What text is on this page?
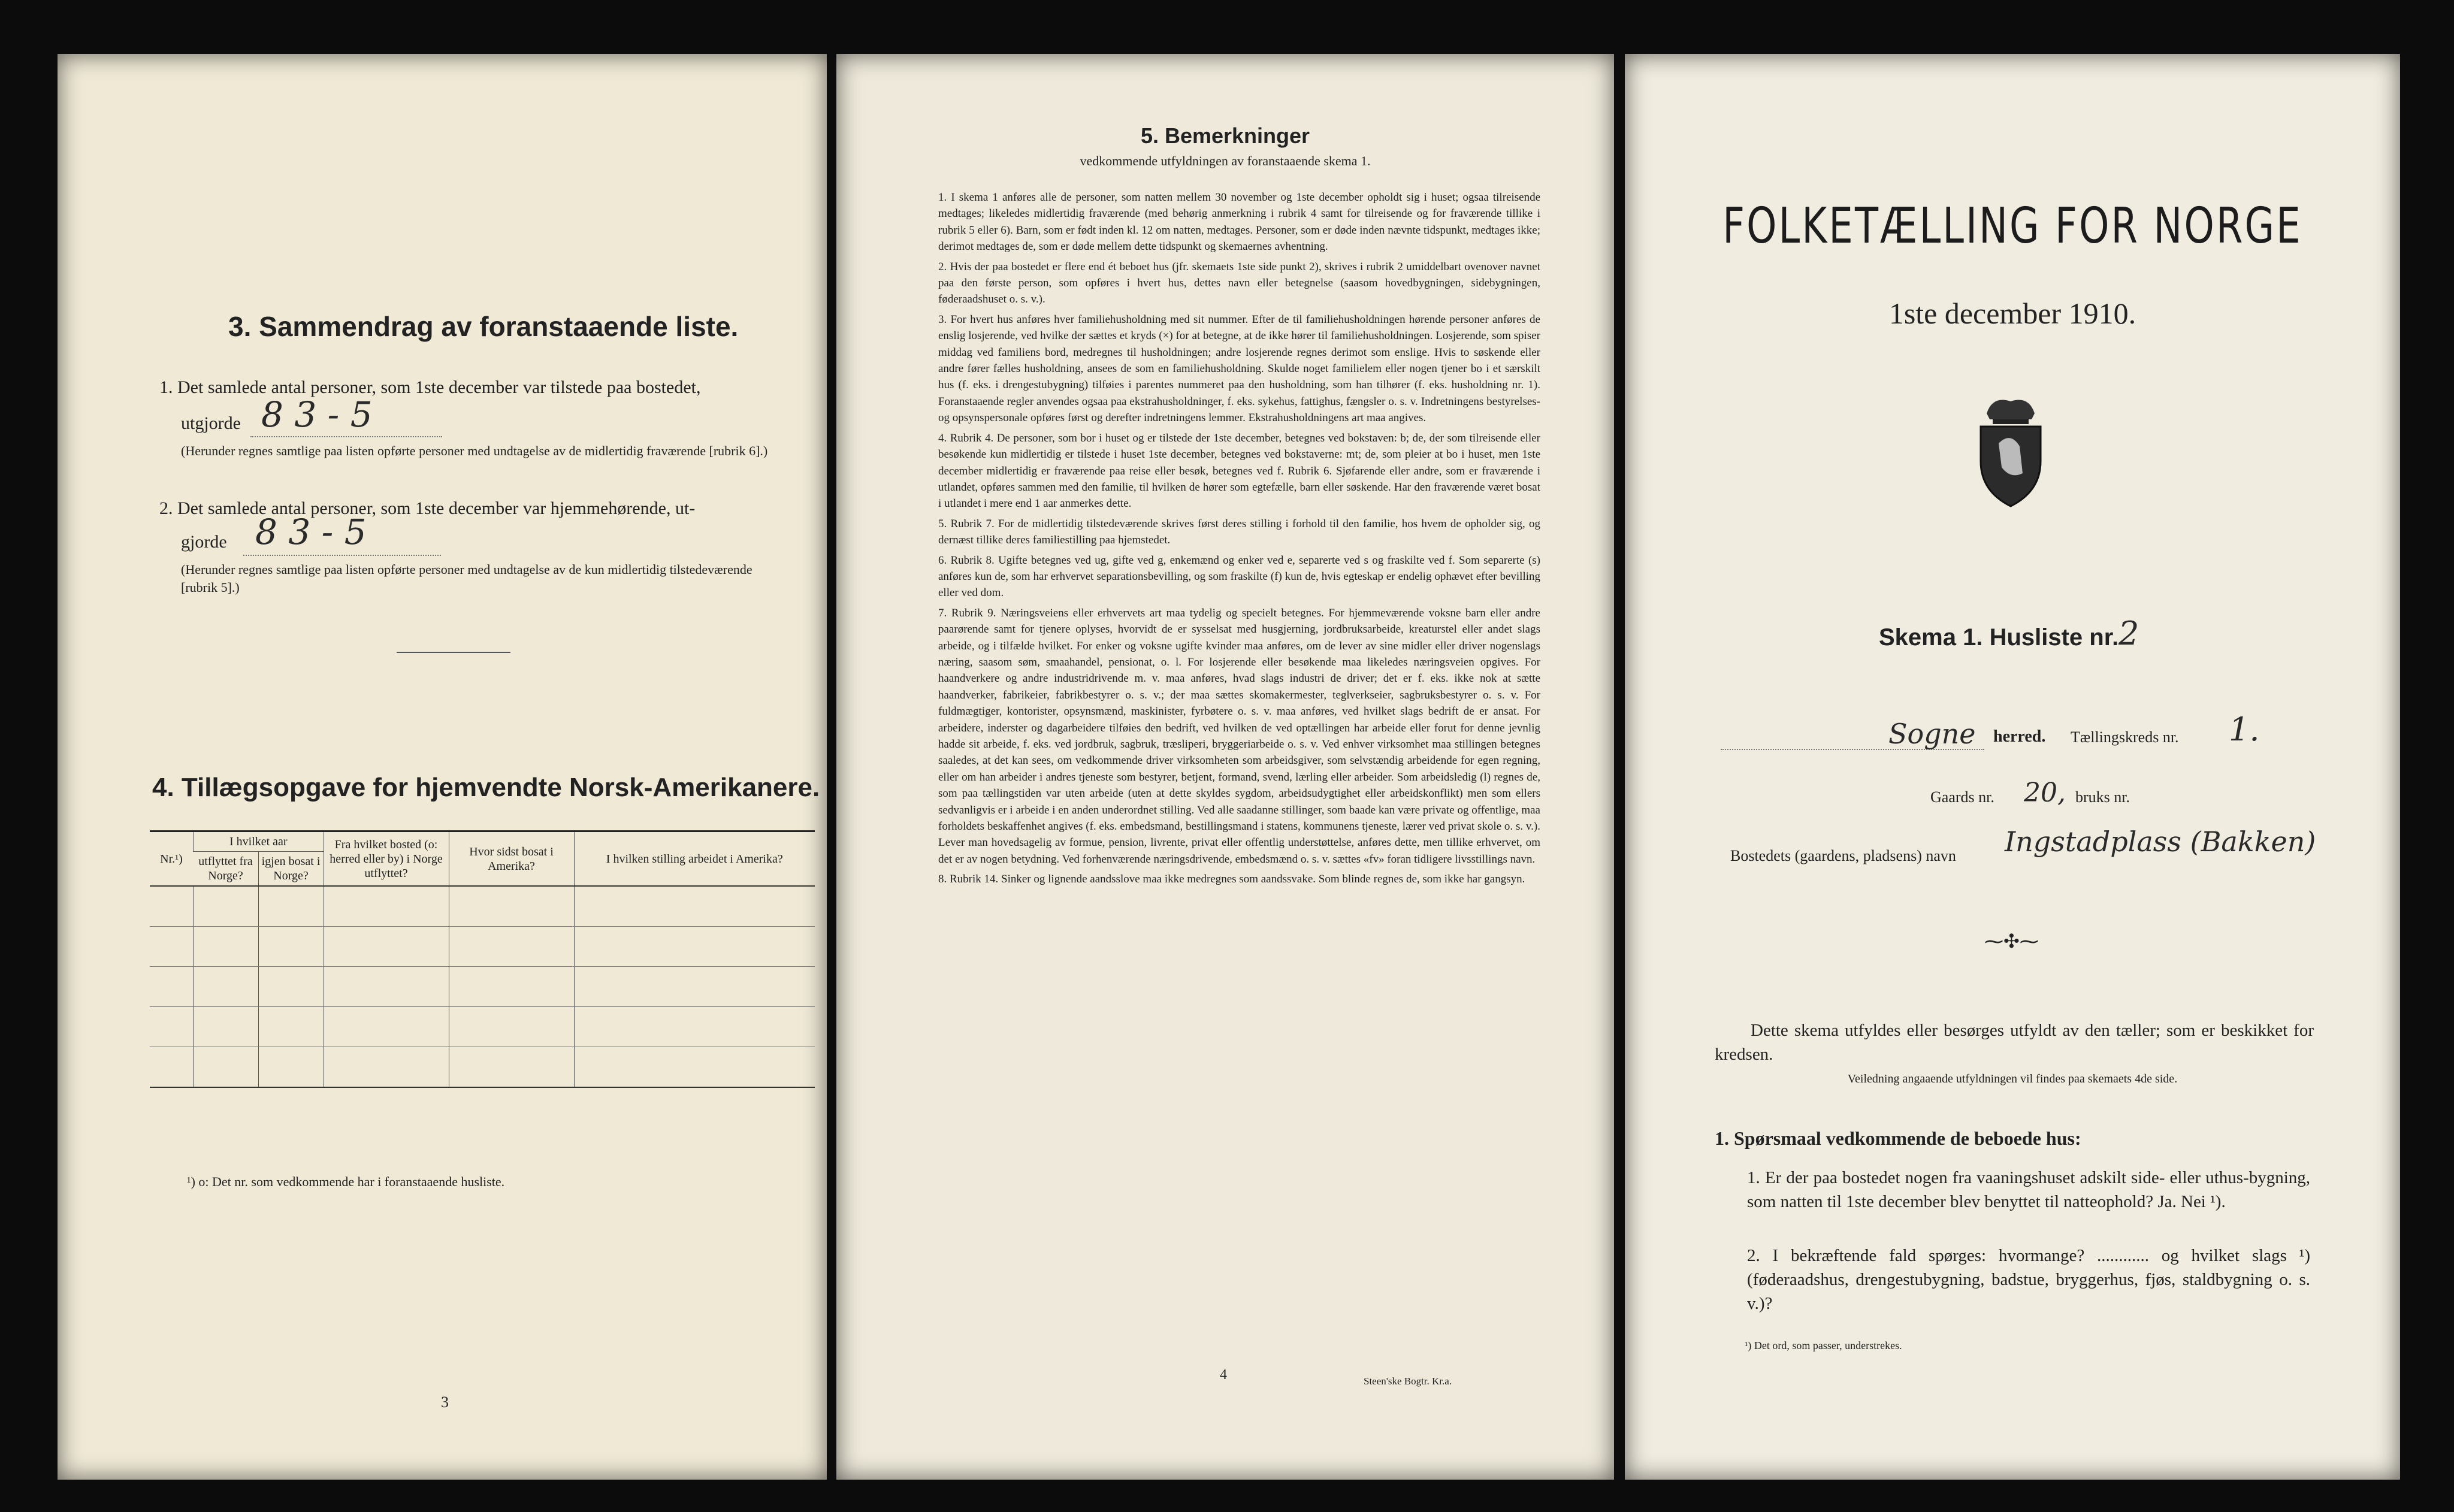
3. Sammendrag av foranstaaende liste.
1. Det samlede antal personer, som 1ste december var tilstede paa bostedet,
utgjorde 8 3 - 5
(Herunder regnes samtlige paa listen opførte personer med undtagelse av de midlertidig fraværende [rubrik 6].)
2. Det samlede antal personer, som 1ste december var hjemmehørende, ut-
gjorde 8 3 - 5
(Herunder regnes samtlige paa listen opførte personer med undtagelse av de kun midlertidig tilstedeværende [rubrik 5].)
4. Tillægsopgave for hjemvendte Norsk-Amerikanere.
Nr.¹)	I hvilket aar		Fra hvilket bosted (o: herred eller by) i Norge utflyttet?	Hvor sidst bosat i Amerika?	I hvilken stilling arbeidet i Amerika?
	utflyttet fra Norge?	igjen bosat i Norge?			

¹) o: Det nr. som vedkommende har i foranstaaende husliste.
3
5. Bemerkninger
vedkommende utfyldningen av foranstaaende skema 1.

1. I skema 1 anføres alle de personer, som natten mellem 30 november og 1ste december opholdt sig i huset; ogsaa tilreisende medtages; likeledes midlertidig fraværende (med behørig anmerkning i rubrik 4 samt for tilreisende og for fraværende tillike i rubrik 5 eller 6). Barn, som er født inden kl. 12 om natten, medtages. Personer, som er døde inden nævnte tidspunkt, medtages ikke; derimot medtages de, som er døde mellem dette tidspunkt og skemaernes avhentning.

2. Hvis der paa bostedet er flere end ét beboet hus (jfr. skemaets 1ste side punkt 2), skrives i rubrik 2 umiddelbart ovenover navnet paa den første person, som opføres i hvert hus, dettes navn eller betegnelse (saasom hovedbygningen, sidebygningen, føderaadshuset o. s. v.).

3. For hvert hus anføres hver familiehusholdning med sit nummer. Efter de til familiehusholdningen hørende personer anføres de enslig losjerende, ved hvilke der sættes et kryds (×) for at betegne, at de ikke hører til familiehusholdningen. Losjerende, som spiser middag ved familiens bord, medregnes til husholdningen; andre losjerende regnes derimot som enslige. Hvis to søskende eller andre fører fælles husholdning, ansees de som en familiehusholdning. Skulde noget familielem eller nogen tjener bo i et særskilt hus (f. eks. i drengestubygning) tilføies i parentes nummeret paa den husholdning, som han tilhører (f. eks. husholdning nr. 1). Foranstaaende regler anvendes ogsaa paa ekstrahusholdninger, f. eks. sykehus, fattighus, fængsler o. s. v. Indretningens bestyrelses- og opsynspersonale opføres først og derefter indretningens lemmer. Ekstrahusholdningens art maa angives.

4. Rubrik 4. De personer, som bor i huset og er tilstede der 1ste december, betegnes ved bokstaven: b; de, der som tilreisende eller besøkende kun midlertidig er tilstede i huset 1ste december, betegnes ved bokstaverne: mt; de, som pleier at bo i huset, men 1ste december midlertidig er fraværende paa reise eller besøk, betegnes ved f. Rubrik 6. Sjøfarende eller andre, som er fraværende i utlandet, opføres sammen med den familie, til hvilken de hører som egtefælle, barn eller søskende. Har den fraværende været bosat i utlandet i mere end 1 aar anmerkes dette.

5. Rubrik 7. For de midlertidig tilstedeværende skrives først deres stilling i forhold til den familie, hos hvem de opholder sig, og dernæst tillike deres familiestilling paa hjemstedet.

6. Rubrik 8. Ugifte betegnes ved ug, gifte ved g, enkemænd og enker ved e, separerte ved s og fraskilte ved f. Som separerte (s) anføres kun de, som har erhvervet separationsbevilling, og som fraskilte (f) kun de, hvis egteskap er endelig ophævet efter bevilling eller ved dom.

7. Rubrik 9. Næringsveiens eller erhvervets art maa tydelig og specielt betegnes. For hjemmeværende voksne barn eller andre paarørende samt for tjenere oplyses, hvorvidt de er sysselsat med husgjerning, jordbruksarbeide, kreaturstel eller andet slags arbeide, og i tilfælde hvilket. For enker og voksne ugifte kvinder maa anføres, om de lever av sine midler eller driver nogenslags næring, saasom søm, smaahandel, pensionat, o. l. For losjerende eller besøkende maa likeledes næringsveien opgives. For haandverkere og andre industridrivende m. v. maa anføres, hvad slags industri de driver; det er f. eks. ikke nok at sætte haandverker, fabrikeier, fabrikbestyrer o. s. v.; der maa sættes skomakermester, teglverkseier, sagbruksbestyrer o. s. v. For fuldmægtiger, kontorister, opsynsmænd, maskinister, fyrbøtere o. s. v. maa anføres, ved hvilket slags bedrift de er ansat. For arbeidere, inderster og dagarbeidere tilføies den bedrift, ved hvilken de ved optællingen har arbeide eller forut for denne jevnlig hadde sit arbeide, f. eks. ved jordbruk, sagbruk, træsliperi, bryggeriarbeide o. s. v. Ved enhver virksomhet maa stillingen betegnes saaledes, at det kan sees, om vedkommende driver virksomheten som arbeidsgiver, som selvstændig arbeidende for egen regning, eller om han arbeider i andres tjeneste som bestyrer, betjent, formand, svend, lærling eller arbeider. Som arbeidsledig (l) regnes de, som paa tællingstiden var uten arbeide (uten at dette skyldes sygdom, arbeidsudygtighet eller arbeidskonflikt) men som ellers sedvanligvis er i arbeide i en anden underordnet stilling. Ved alle saadanne stillinger, som baade kan være private og offentlige, maa forholdets beskaffenhet angives (f. eks. embedsmand, bestillingsmand i statens, kommunens tjeneste, lærer ved privat skole o. s. v.). Lever man hovedsagelig av formue, pension, livrente, privat eller offentlig understøttelse, anføres dette, men tillike erhvervet, om det er av nogen betydning. Ved forhenværende næringsdrivende, embedsmænd o. s. v. sættes «fv» foran tidligere livsstillings navn.

8. Rubrik 14. Sinker og lignende aandsslove maa ikke medregnes som aandssvake. Som blinde regnes de, som ikke har gangsyn.

4	Steen'ske Bogtr. Kr.a.
FOLKETÆLLING FOR NORGE
1ste december 1910.
Skema 1. Husliste nr. 2
Sogne herred. Tællingskreds nr. 1.
Gaards nr. 20, bruks nr.
Bostedets (gaardens, pladsens) navn Ingstadplass (Bakken)
⁓✣⁓
Dette skema utfyldes eller besørges utfyldt av den tæller; som er beskikket for kredsen.
Veiledning angaaende utfyldningen vil findes paa skemaets 4de side.
1. Spørsmaal vedkommende de beboede hus:
1. Er der paa bostedet nogen fra vaaningshuset adskilt side- eller uthus-bygning, som natten til 1ste december blev benyttet til natteophold? Ja. Nei ¹).
2. I bekræftende fald spørges: hvormange? ............ og hvilket slags ¹) (føderaadshus, drengestubygning, badstue, bryggerhus, fjøs, staldbygning o. s. v.)?
¹) Det ord, som passer, understrekes.
